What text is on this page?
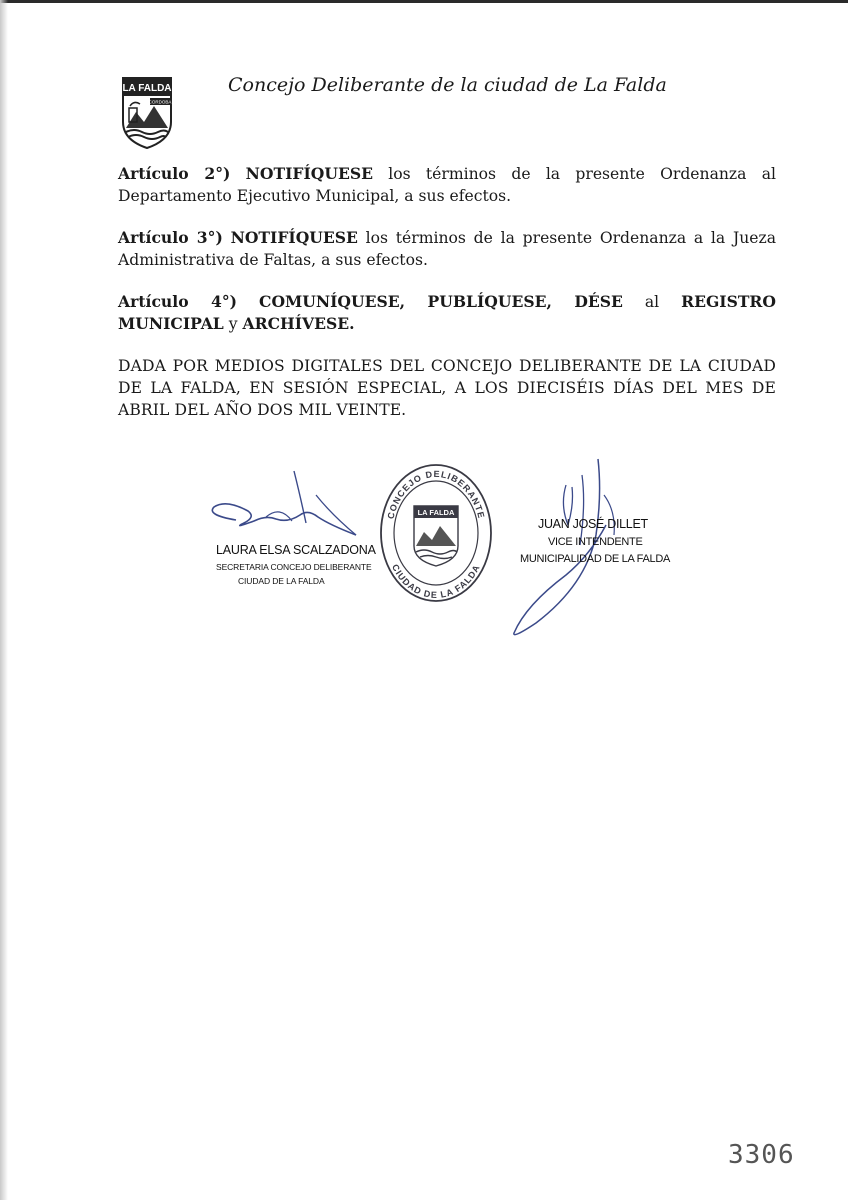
LA FALDA
CORDOBA
Concejo Deliberante de la ciudad de La Falda

Artículo 2°) NOTIFÍQUESE los términos de la presente Ordenanza al Departamento Ejecutivo Municipal, a sus efectos.

Artículo 3°) NOTIFÍQUESE los términos de la presente Ordenanza a la Jueza Administrativa de Faltas, a sus efectos.

Artículo 4°) COMUNÍQUESE, PUBLÍQUESE, DÉSE al REGISTRO MUNICIPAL y ARCHÍVESE.

DADA POR MEDIOS DIGITALES DEL CONCEJO DELIBERANTE DE LA CIUDAD DE LA FALDA, EN SESIÓN ESPECIAL, A LOS DIECISÉIS DÍAS DEL MES DE ABRIL DEL AÑO DOS MIL VEINTE.

LAURA ELSA SCALZADONA
SECRETARIA CONCEJO DELIBERANTE
CIUDAD DE LA FALDA
CONCEJO DELIBERANTE
CIUDAD DE LA FALDA
LA FALDA
JUAN JOSÉ DILLET
VICE INTENDENTE
MUNICIPALIDAD DE LA FALDA
3306
